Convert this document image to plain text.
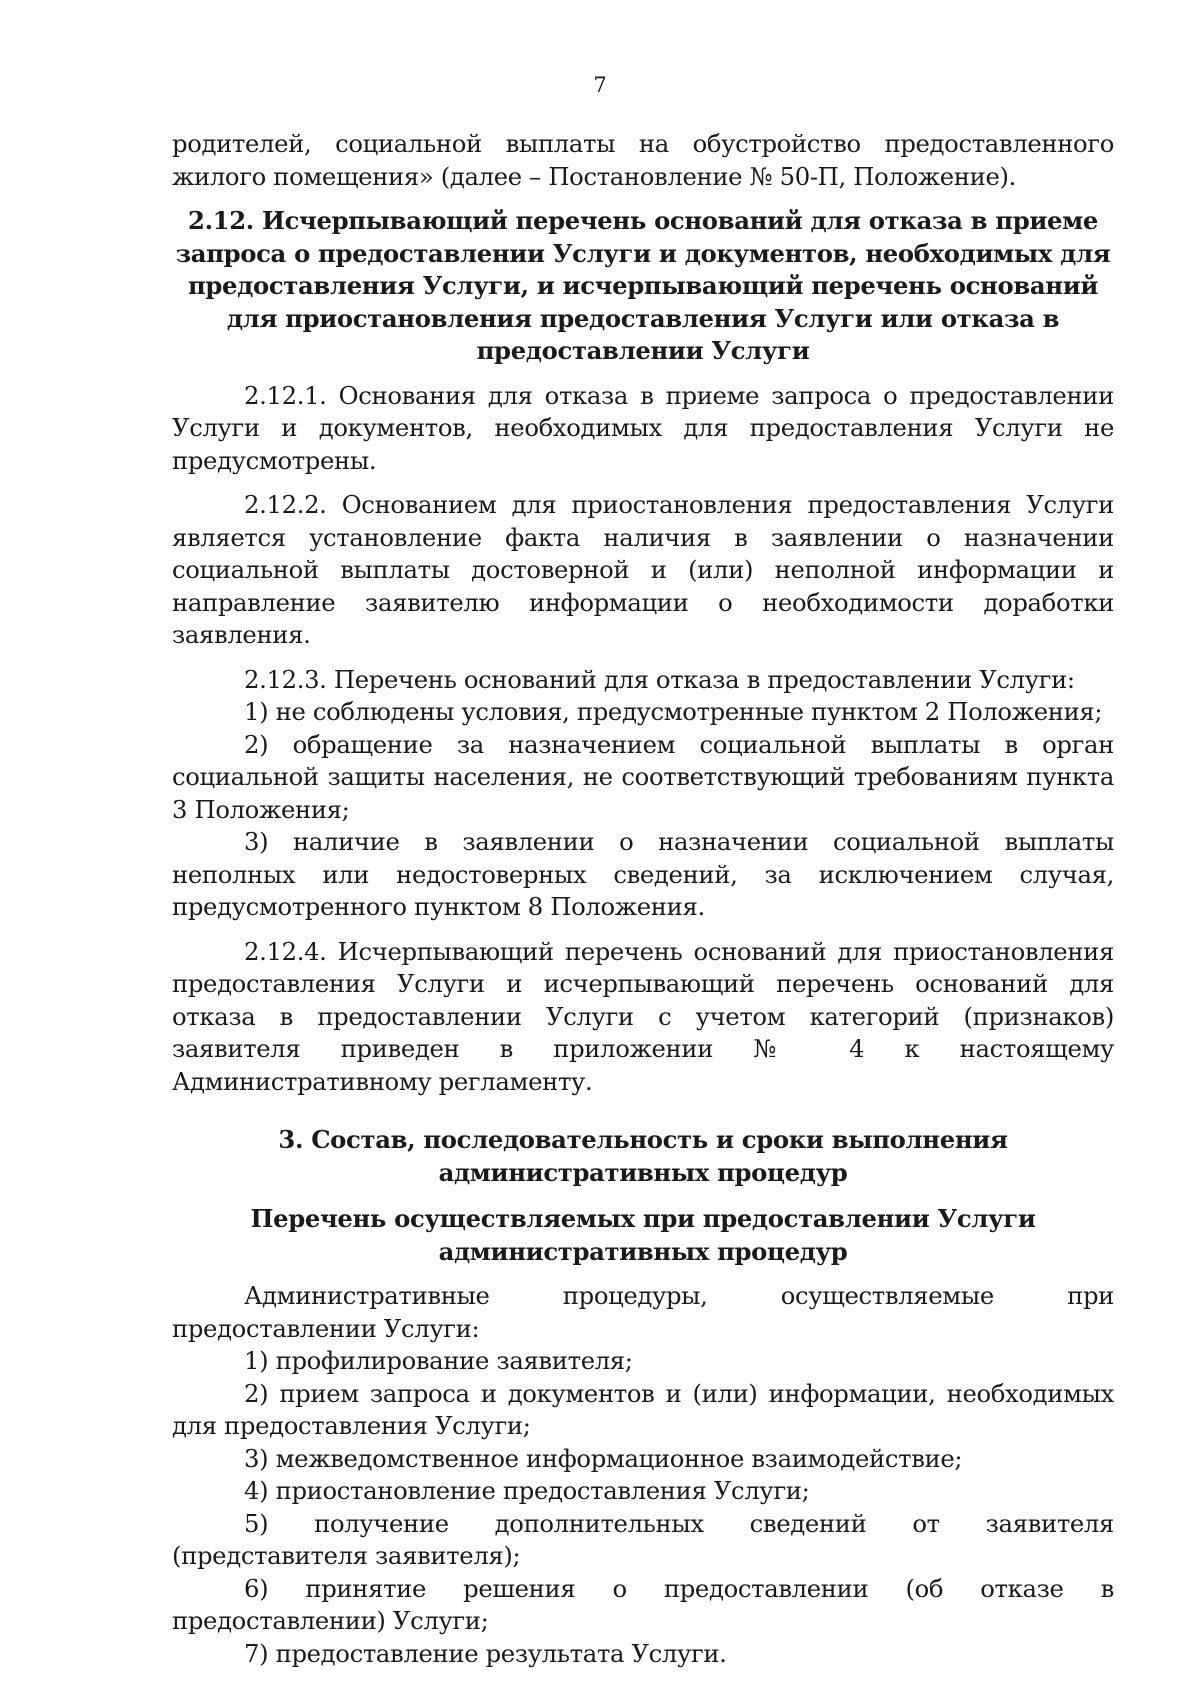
7

родителей, социальной выплаты на обустройство предоставленного жилого помещения» (далее – Постановление № 50-П, Положение).

2.12. Исчерпывающий перечень оснований для отказа в приеме запроса о предоставлении Услуги и документов, необходимых для предоставления Услуги, и исчерпывающий перечень оснований для приостановления предоставления Услуги или отказа в предоставлении Услуги

2.12.1. Основания для отказа в приеме запроса о предоставлении Услуги и документов, необходимых для предоставления Услуги не предусмотрены.

2.12.2. Основанием для приостановления предоставления Услуги является установление факта наличия в заявлении о назначении социальной выплаты достоверной и (или) неполной информации и направление заявителю информации о необходимости доработки заявления.

2.12.3. Перечень оснований для отказа в предоставлении Услуги:

1) не соблюдены условия, предусмотренные пунктом 2 Положения;

2) обращение за назначением социальной выплаты в орган социальной защиты населения, не соответствующий требованиям пункта 3 Положения;

3) наличие в заявлении о назначении социальной выплаты неполных или недостоверных сведений, за исключением случая, предусмотренного пунктом 8 Положения.

2.12.4. Исчерпывающий перечень оснований для приостановления предоставления Услуги и исчерпывающий перечень оснований для отказа в предоставлении Услуги с учетом категорий (признаков) заявителя приведен в приложении № 4 к настоящему Административному регламенту.

3. Состав, последовательность и сроки выполнения административных процедур

Перечень осуществляемых при предоставлении Услуги административных процедур

Административные процедуры, осуществляемые при предоставлении Услуги:

1) профилирование заявителя;

2) прием запроса и документов и (или) информации, необходимых для предоставления Услуги;

3) межведомственное информационное взаимодействие;

4) приостановление предоставления Услуги;

5) получение дополнительных сведений от заявителя (представителя заявителя);

6) принятие решения о предоставлении (об отказе в предоставлении) Услуги;

7) предоставление результата Услуги.
